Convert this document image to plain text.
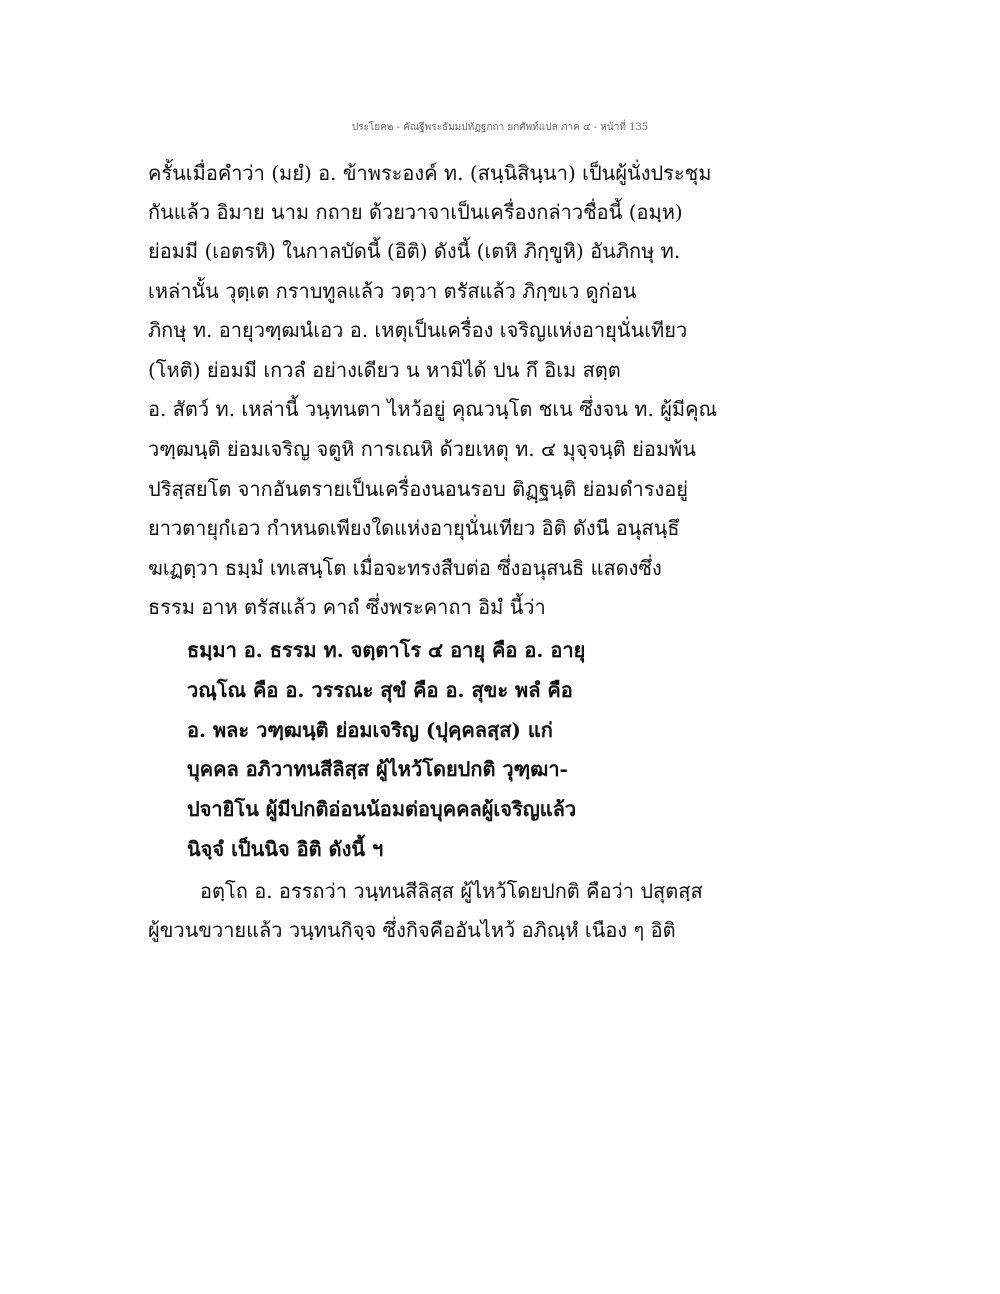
ประโยค๒ - คัณฐีพระธัมมปทัฏฐกถา ยกศัพท์แปล ภาค ๔ - หน้าที่ 135
ครั้นเมื่อคำว่า (มยํ) อ. ข้าพระองค์ ท. (สนฺนิสินฺนา) เป็นผู้นั่งประชุม
กันแล้ว อิมาย นาม กถาย ด้วยวาจาเป็นเครื่องกล่าวชื่อนี้ (อมฺห)
ย่อมมี (เอตรหิ) ในกาลบัดนี้ (อิติ) ดังนี้ (เตหิ ภิกฺขูหิ) อันภิกษุ ท.
เหล่านั้น วุตฺเต กราบทูลแล้ว วตฺวา ตรัสแล้ว ภิกฺขเว ดูก่อน
ภิกษุ ท. อายุวฑฺฒนํเอว อ. เหตุเป็นเครื่อง เจริญแห่งอายุนั่นเทียว
(โหติ) ย่อมมี เกวลํ อย่างเดียว น หามิได้ ปน กึ อิเม สตฺต
อ. สัตว์ ท. เหล่านี้ วนฺทนตา ไหว้อยู่ คุณวนฺโต ชเน ซึ่งจน ท. ผู้มีคุณ
วฑฺฒนฺติ ย่อมเจริญ จตูหิ การเณหิ ด้วยเหตุ ท. ๔ มุจฺจนฺติ ย่อมพ้น
ปริสฺสยโต จากอันตรายเป็นเครื่องนอนรอบ ติฏฺฐนฺติ ย่อมดำรงอยู่
ยาวตายุกํเอว กำหนดเพียงใดแห่งอายุนั่นเทียว อิติ ดังนี อนุสนฺธึ
ฆเฏตฺวา ธมฺมํ เทเสนฺโต เมื่อจะทรงสืบต่อ ซึ่งอนุสนธิ แสดงซึ่ง
ธรรม อาห ตรัสแล้ว คาถํ ซึ่งพระคาถา อิมํ นี้ว่า
ธมฺมา อ. ธรรม ท. จตฺตาโร ๔ อายุ คือ อ. อายุ
วณฺโณ คือ อ. วรรณะ สุขํ คือ อ. สุขะ พลํ คือ
อ. พละ วฑฺฒนฺติ ย่อมเจริญ (ปุคฺคลสฺส) แก่
บุคคล อภิวาทนสีลิสฺส ผู้ไหว้โดยปกติ วุฑฺฒา-
ปจายิโน ผู้มีปกติอ่อนน้อมต่อบุคคลผู้เจริญแล้ว
นิจฺจํ เป็นนิจ อิติ ดังนี้ ฯ
อตฺโถ อ. อรรถว่า วนฺทนสีลิสฺส ผู้ไหว้โดยปกติ คือว่า ปสุตสฺส
ผู้ขวนขวายแล้ว วนฺทนกิจฺจ ซึ่งกิจคืออันไหว้ อภิณฺหํ เนือง ๆ อิติ
